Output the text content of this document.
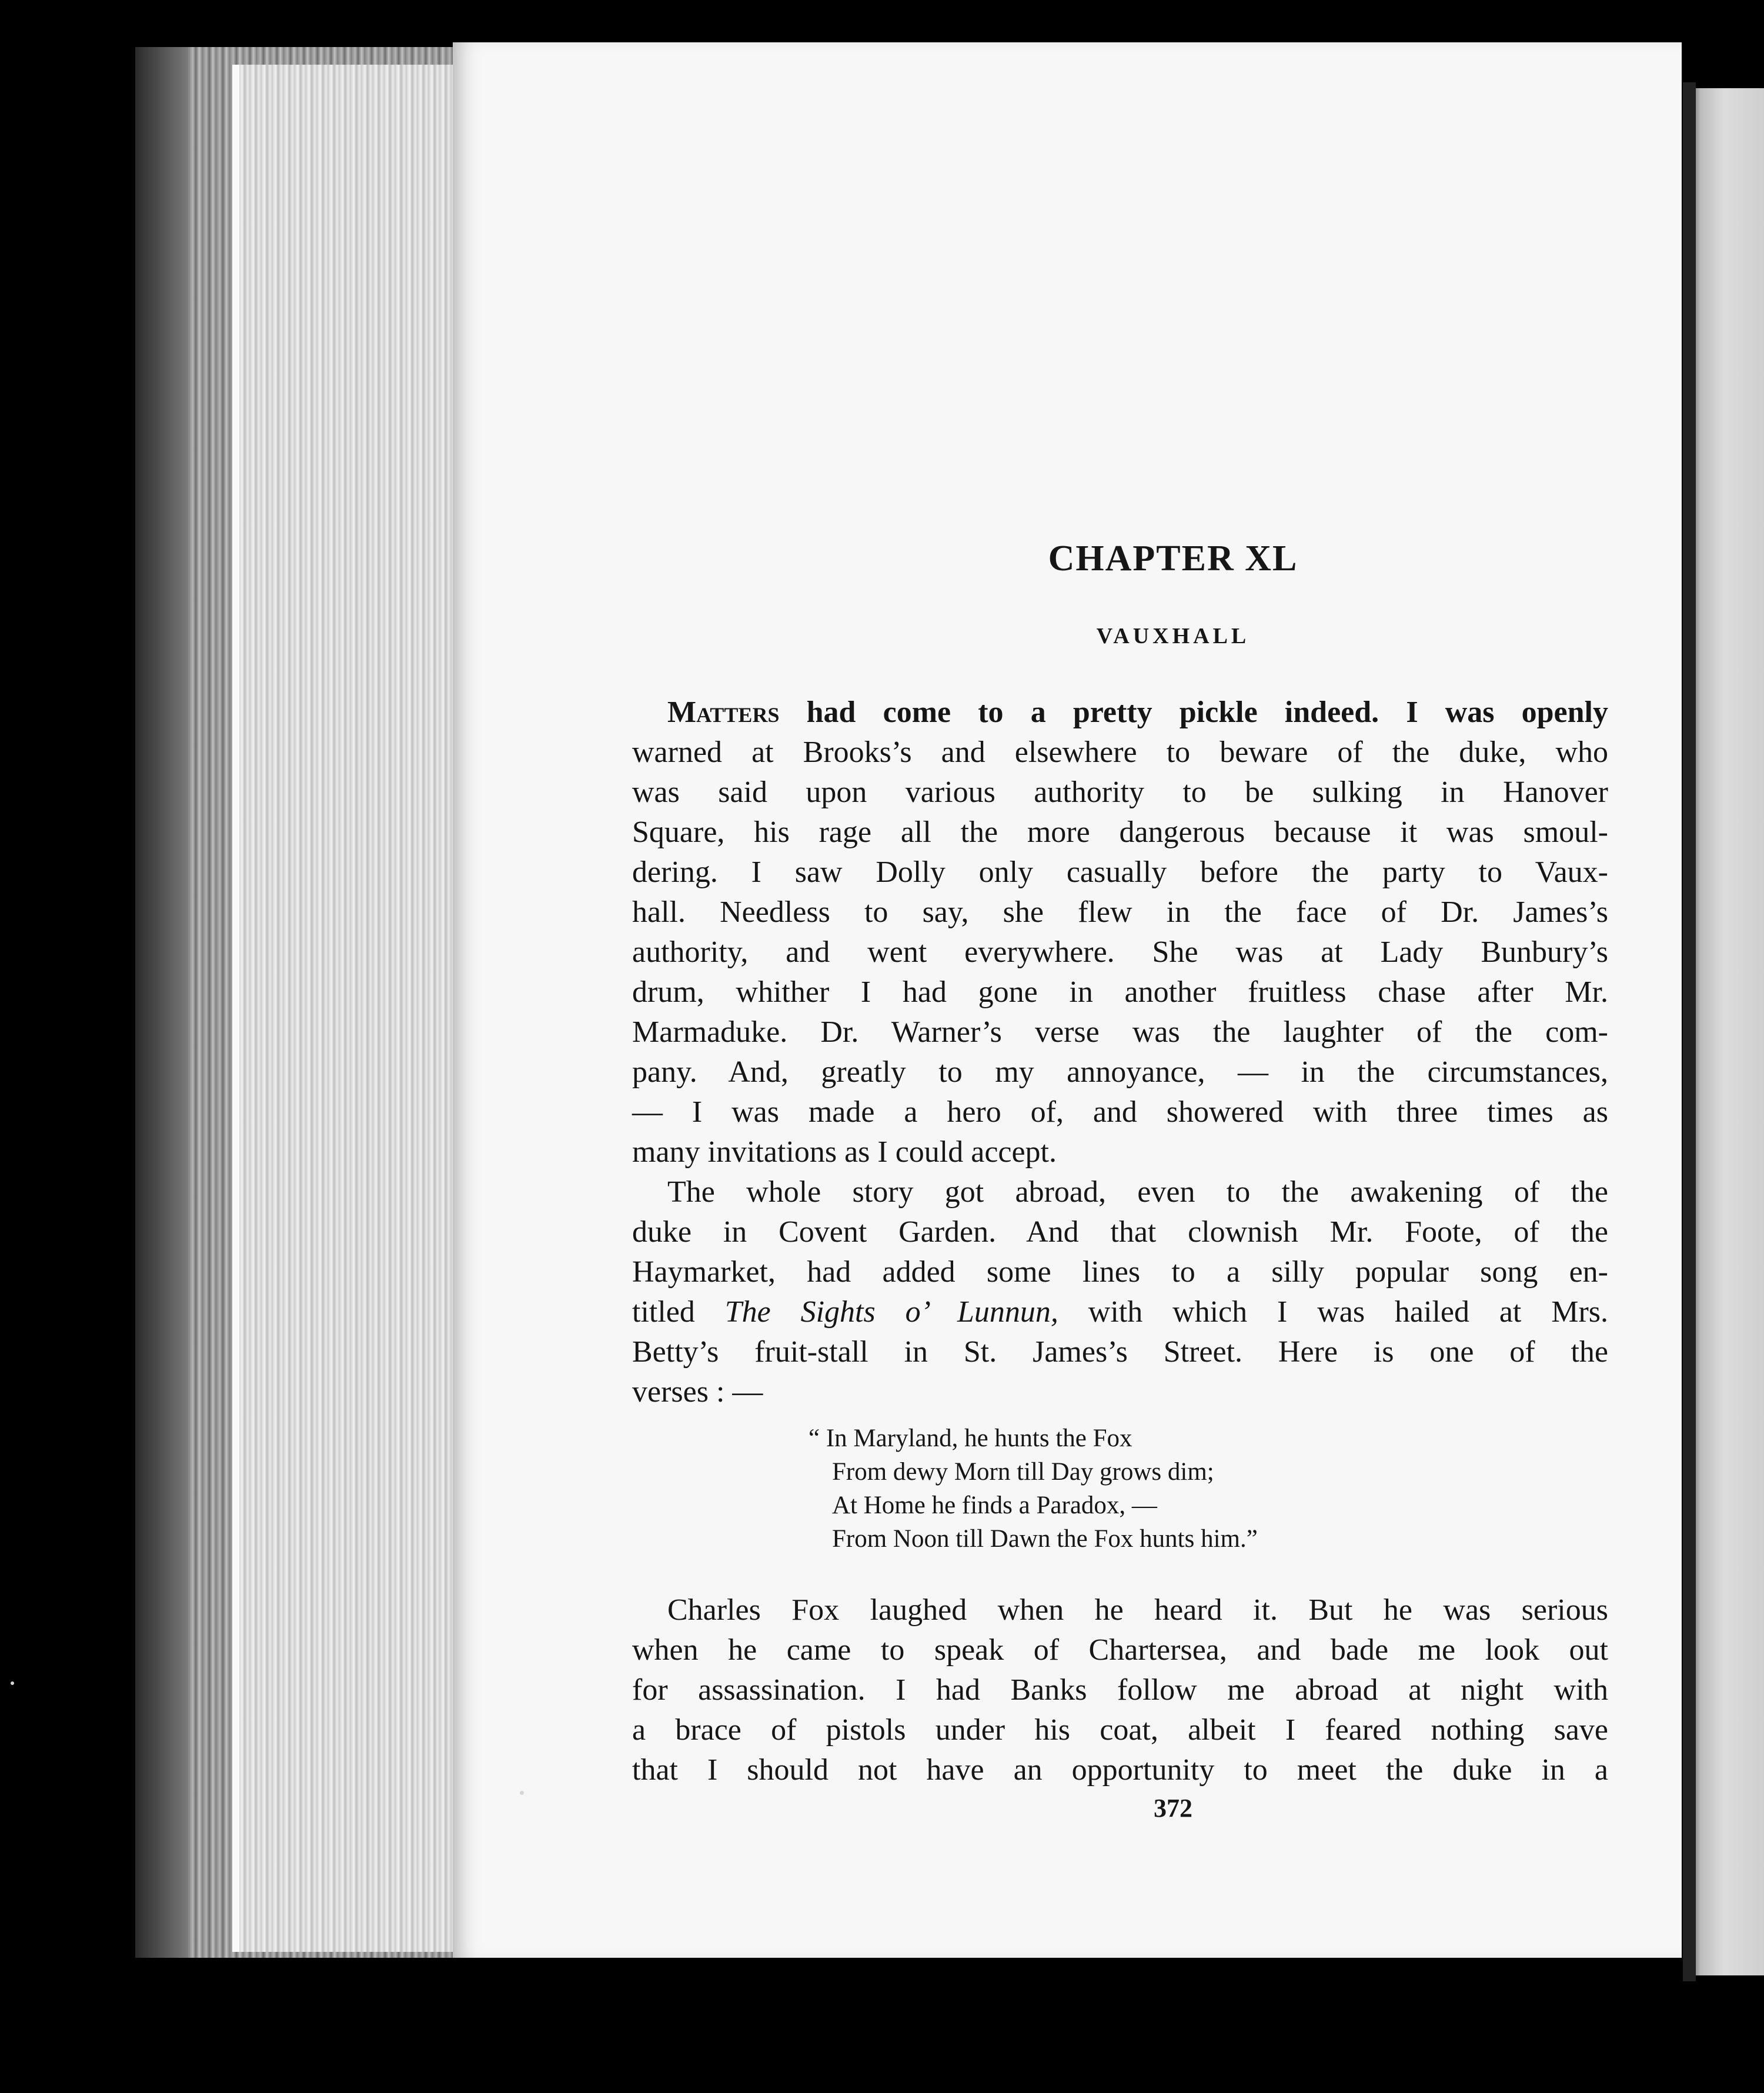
CHAPTER XL
VAUXHALL
Matters had come to a pretty pickle indeed. I was openly
warned at Brooks’s and elsewhere to beware of the duke, who
was said upon various authority to be sulking in Hanover
Square, his rage all the more dangerous because it was smoul-
dering. I saw Dolly only casually before the party to Vaux-
hall. Needless to say, she flew in the face of Dr. James’s
authority, and went everywhere. She was at Lady Bunbury’s
drum, whither I had gone in another fruitless chase after Mr.
Marmaduke. Dr. Warner’s verse was the laughter of the com-
pany. And, greatly to my annoyance, — in the circumstances,
— I was made a hero of, and showered with three times as
many invitations as I could accept.
The whole story got abroad, even to the awakening of the
duke in Covent Garden. And that clownish Mr. Foote, of the
Haymarket, had added some lines to a silly popular song en-
titled The Sights o’ Lunnun, with which I was hailed at Mrs.
Betty’s fruit-stall in St. James’s Street. Here is one of the
verses : —
“ In Maryland, he hunts the Fox
From dewy Morn till Day grows dim;
At Home he finds a Paradox, —
From Noon till Dawn the Fox hunts him.”
Charles Fox laughed when he heard it. But he was serious
when he came to speak of Chartersea, and bade me look out
for assassination. I had Banks follow me abroad at night with
a brace of pistols under his coat, albeit I feared nothing save
that I should not have an opportunity to meet the duke in a
372
